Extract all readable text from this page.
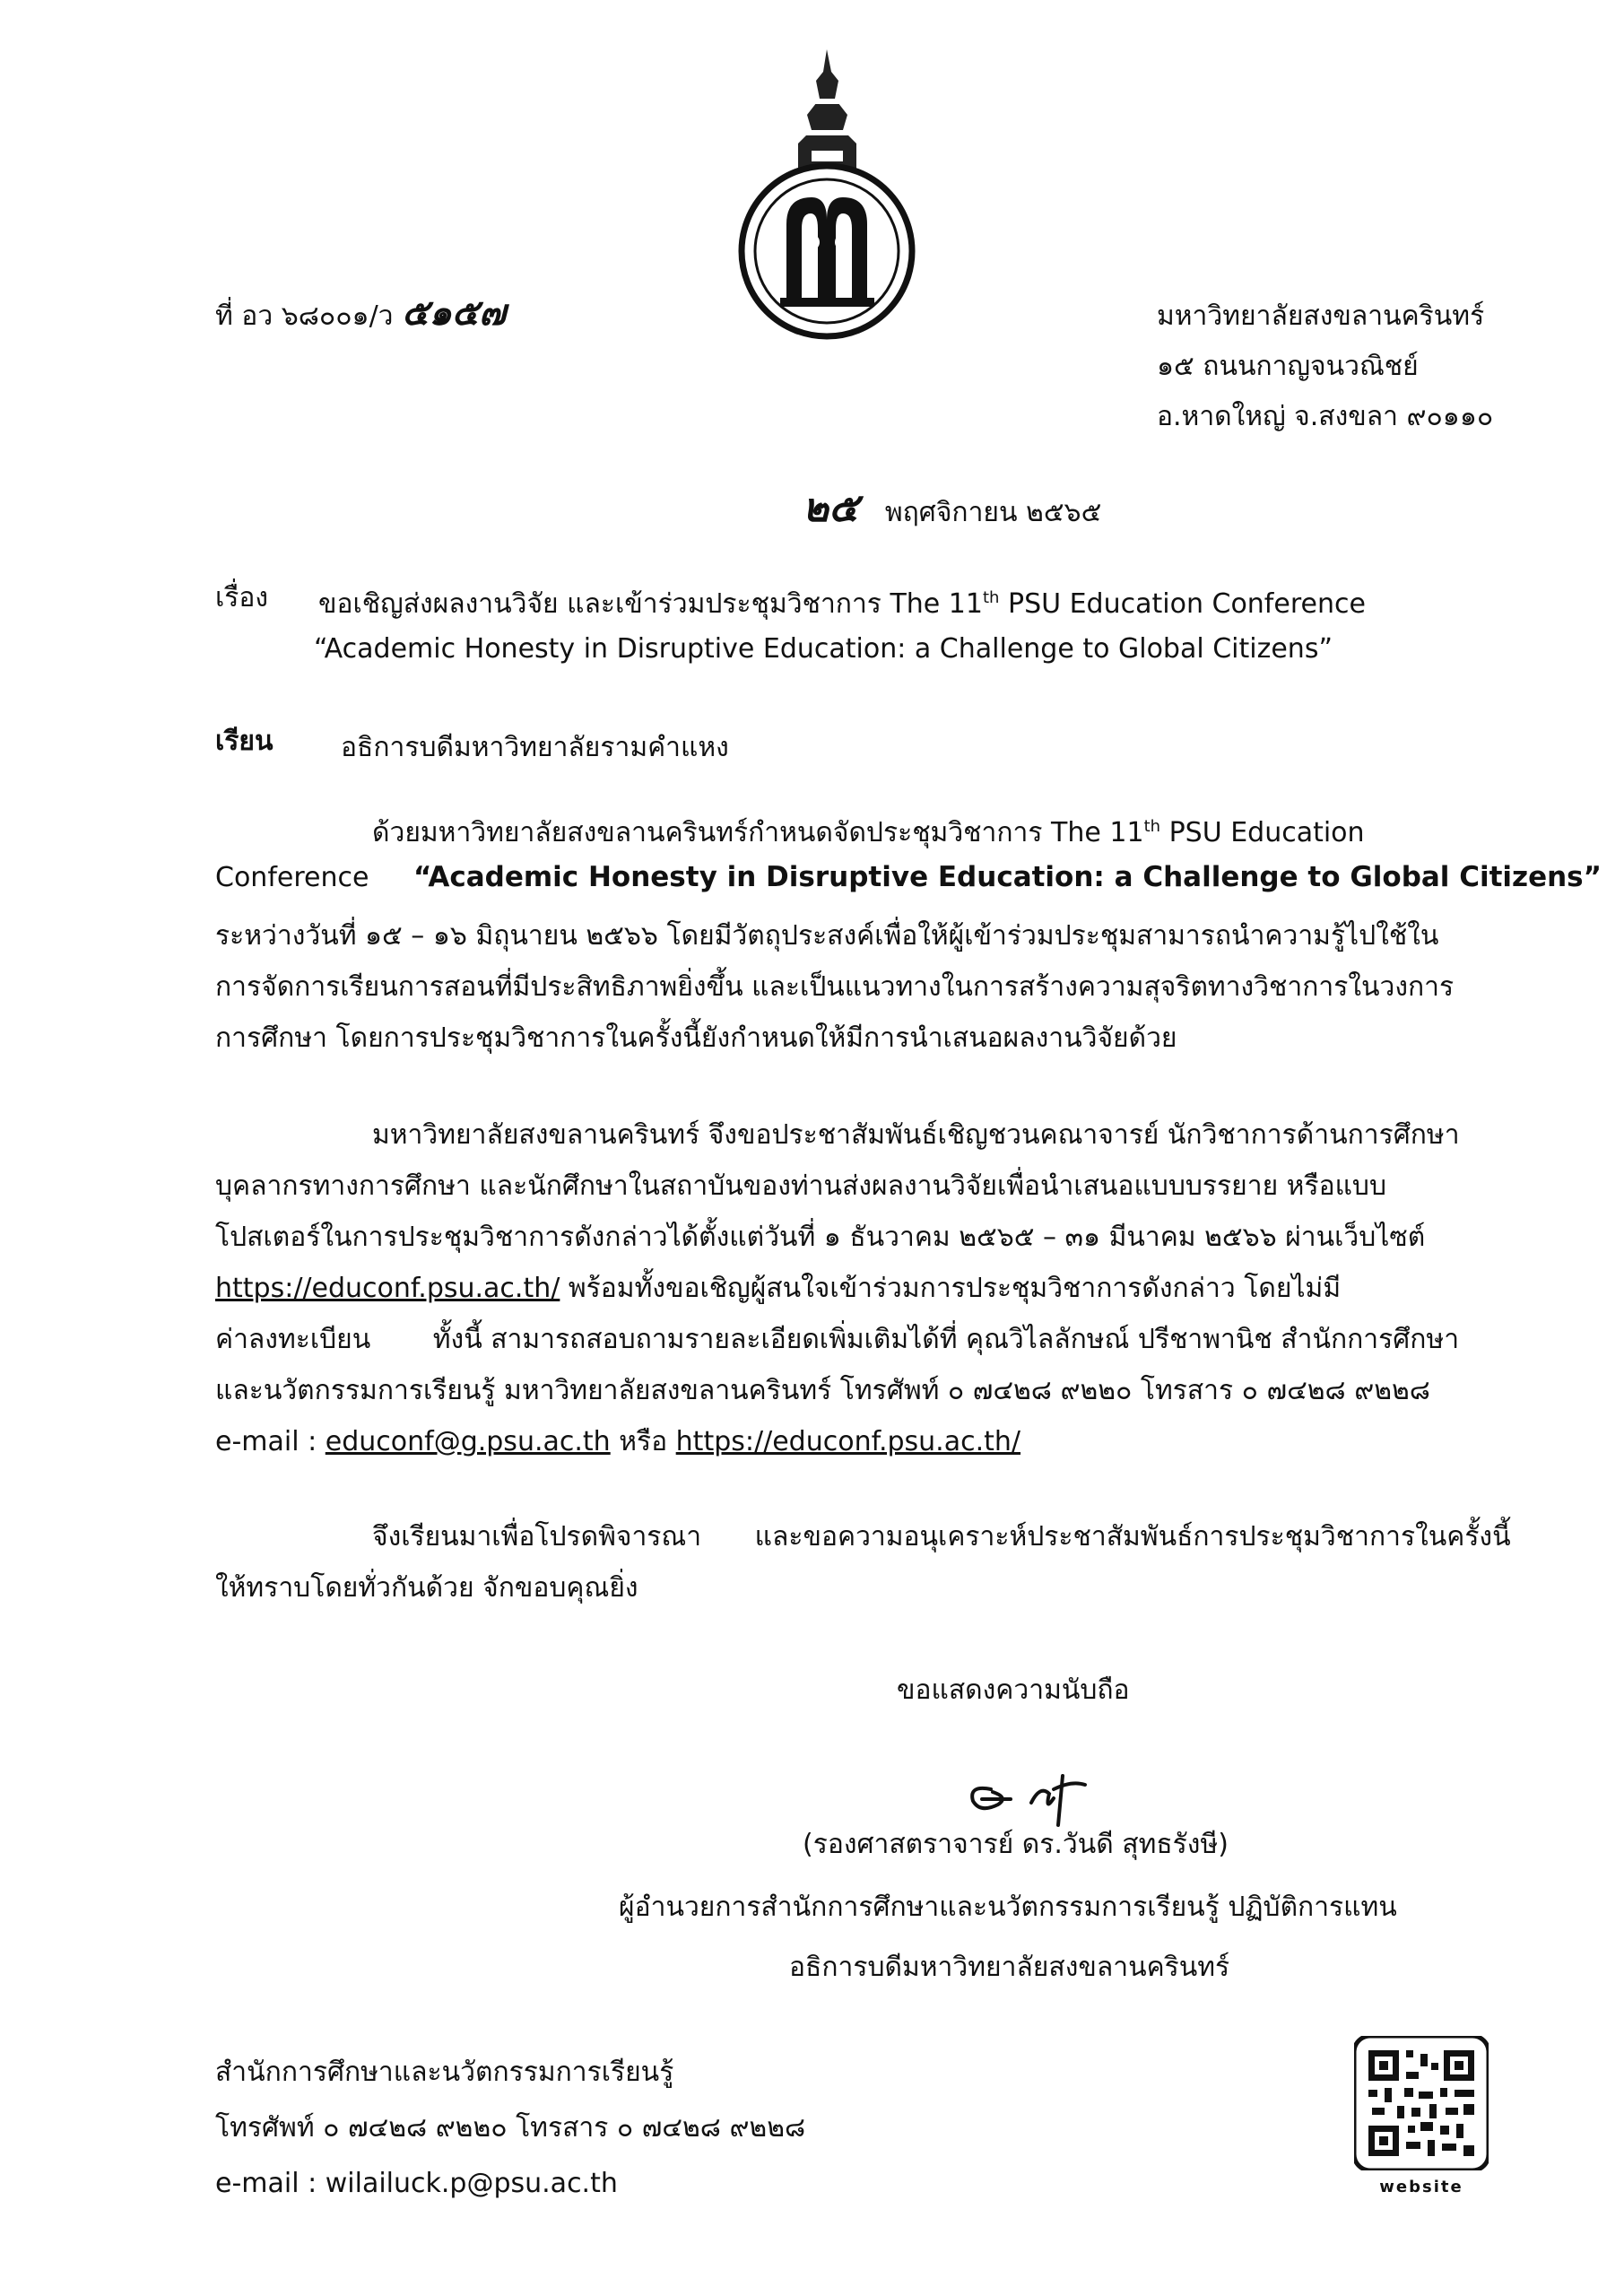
ที่ อว ๖๘๐๐๑/ว ๕๑๕๗	มหาวิทยาลัยสงขลานครินทร์
๑๕ ถนนกาญจนวณิชย์
อ.หาดใหญ่ จ.สงขลา ๙๐๑๑๐
๒๕ พฤศจิกายน ๒๕๖๕
เรื่อง ขอเชิญส่งผลงานวิจัย และเข้าร่วมประชุมวิชาการ The 11th PSU Education Conference
“Academic Honesty in Disruptive Education: a Challenge to Global Citizens”
เรียน	อธิการบดีมหาวิทยาลัยรามคำแหง
ด้วยมหาวิทยาลัยสงขลานครินทร์กำหนดจัดประชุมวิชาการ The 11th PSU Education
Conference “Academic Honesty in Disruptive Education: a Challenge to Global Citizens”
ระหว่างวันที่ ๑๕ – ๑๖ มิถุนายน ๒๕๖๖ โดยมีวัตถุประสงค์เพื่อให้ผู้เข้าร่วมประชุมสามารถนำความรู้ไปใช้ใน
การจัดการเรียนการสอนที่มีประสิทธิภาพยิ่งขึ้น และเป็นแนวทางในการสร้างความสุจริตทางวิชาการในวงการ
การศึกษา โดยการประชุมวิชาการในครั้งนี้ยังกำหนดให้มีการนำเสนอผลงานวิจัยด้วย
มหาวิทยาลัยสงขลานครินทร์ จึงขอประชาสัมพันธ์เชิญชวนคณาจารย์ นักวิชาการด้านการศึกษา
บุคลากรทางการศึกษา และนักศึกษาในสถาบันของท่านส่งผลงานวิจัยเพื่อนำเสนอแบบบรรยาย หรือแบบ
โปสเตอร์ในการประชุมวิชาการดังกล่าวได้ตั้งแต่วันที่ ๑ ธันวาคม ๒๕๖๕ – ๓๑ มีนาคม ๒๕๖๖ ผ่านเว็บไซต์
https://educonf.psu.ac.th/ พร้อมทั้งขอเชิญผู้สนใจเข้าร่วมการประชุมวิชาการดังกล่าว โดยไม่มี
ค่าลงทะเบียน ทั้งนี้ สามารถสอบถามรายละเอียดเพิ่มเติมได้ที่ คุณวิไลลักษณ์ ปรีชาพานิช สำนักการศึกษา
และนวัตกรรมการเรียนรู้ มหาวิทยาลัยสงขลานครินทร์ โทรศัพท์ ๐ ๗๔๒๘ ๙๒๒๐ โทรสาร ๐ ๗๔๒๘ ๙๒๒๘
e-mail : educonf@g.psu.ac.th หรือ https://educonf.psu.ac.th/
จึงเรียนมาเพื่อโปรดพิจารณา และขอความอนุเคราะห์ประชาสัมพันธ์การประชุมวิชาการในครั้งนี้
ให้ทราบโดยทั่วกันด้วย จักขอบคุณยิ่ง
ขอแสดงความนับถือ
(รองศาสตราจารย์ ดร.วันดี สุทธรังษี)
ผู้อำนวยการสำนักการศึกษาและนวัตกรรมการเรียนรู้ ปฏิบัติการแทน
อธิการบดีมหาวิทยาลัยสงขลานครินทร์
สำนักการศึกษาและนวัตกรรมการเรียนรู้
โทรศัพท์ ๐ ๗๔๒๘ ๙๒๒๐ โทรสาร ๐ ๗๔๒๘ ๙๒๒๘
e-mail : wilailuck.p@psu.ac.th	website
